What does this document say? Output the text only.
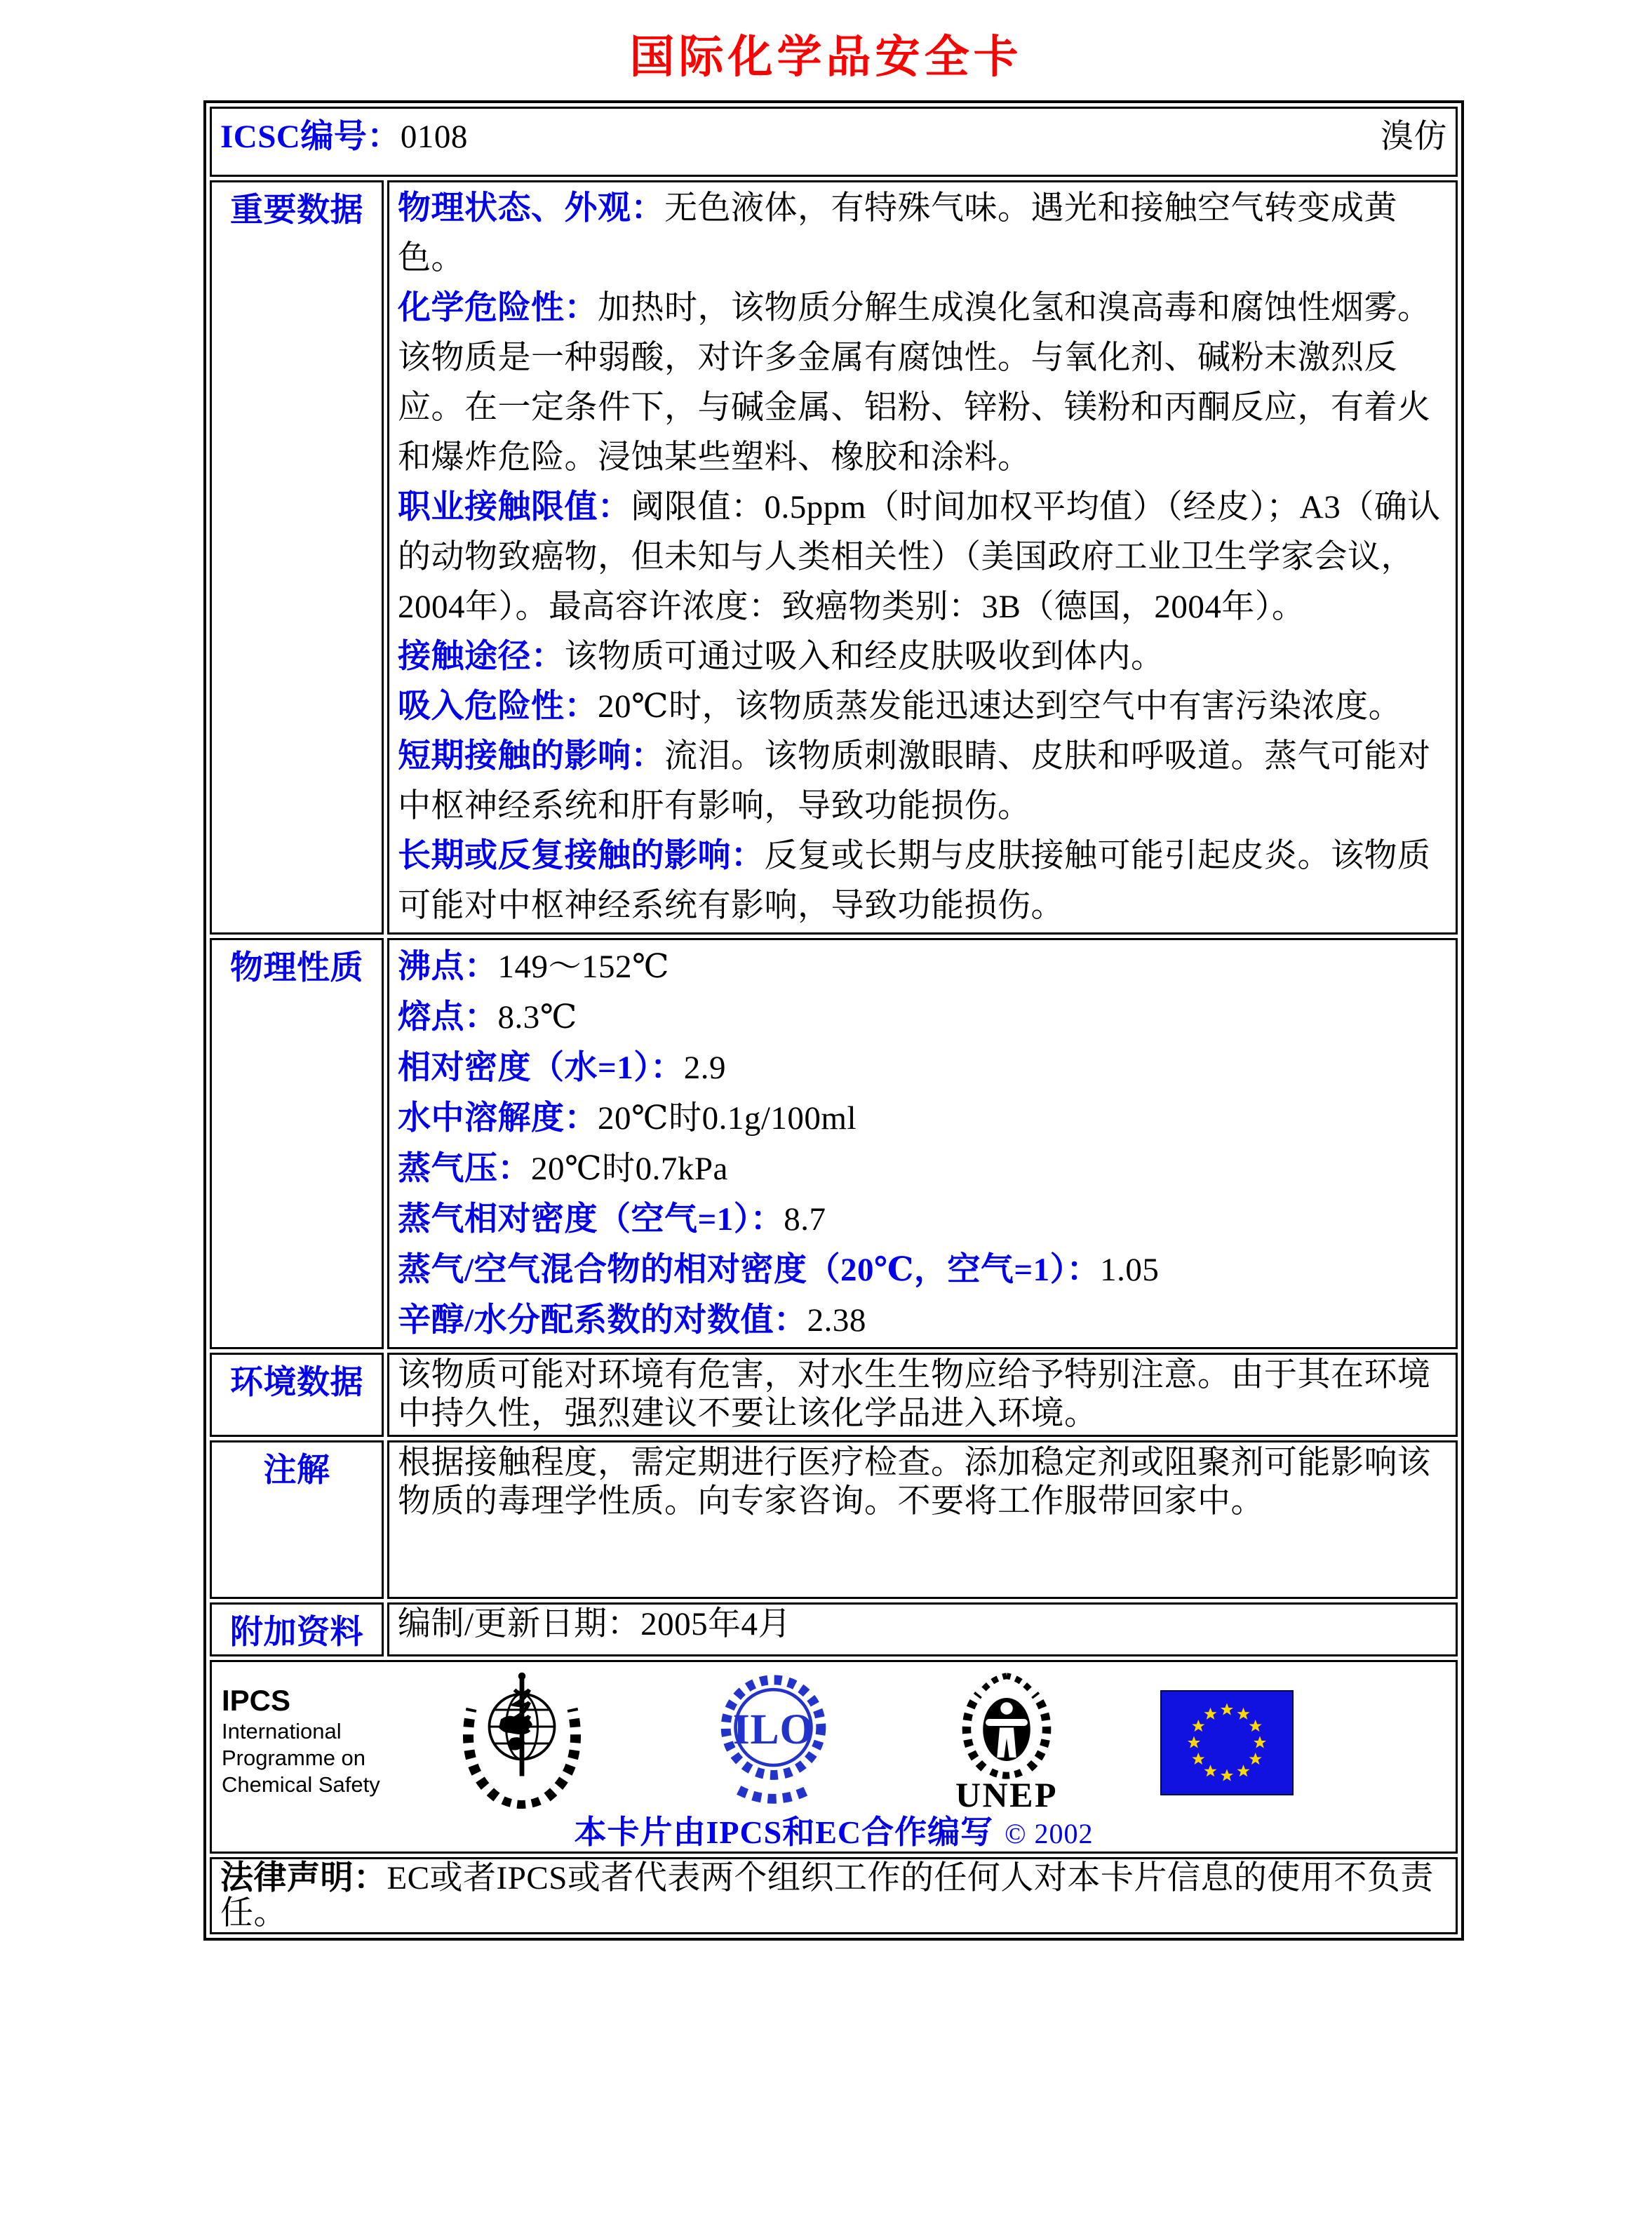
国际化学品安全卡
ICSC编号：0108 溴仿	

重要数据	物理状态、外观：无色液体，有特殊气味。遇光和接触空气转变成黄色。
化学危险性：加热时，该物质分解生成溴化氢和溴高毒和腐蚀性烟雾。该物质是一种弱酸，对许多金属有腐蚀性。与氧化剂、碱粉末激烈反应。在一定条件下，与碱金属、铝粉、锌粉、镁粉和丙酮反应，有着火和爆炸危险。浸蚀某些塑料、橡胶和涂料。
职业接触限值：阈限值：0.5ppm（时间加权平均值）（经皮）；A3（确认的动物致癌物，但未知与人类相关性）（美国政府工业卫生学家会议，2004年）。最高容许浓度：致癌物类别：3B（德国，2004年）。
接触途径：该物质可通过吸入和经皮肤吸收到体内。
吸入危险性：20℃时，该物质蒸发能迅速达到空气中有害污染浓度。
短期接触的影响：流泪。该物质刺激眼睛、皮肤和呼吸道。蒸气可能对中枢神经系统和肝有影响，导致功能损伤。
长期或反复接触的影响：反复或长期与皮肤接触可能引起皮炎。该物质可能对中枢神经系统有影响，导致功能损伤。

物理性质	沸点：149～152℃
熔点：8.3℃
相对密度（水=1）：2.9
水中溶解度：20℃时0.1g/100ml
蒸气压：20℃时0.7kPa
蒸气相对密度（空气=1）：8.7
蒸气/空气混合物的相对密度（20℃，空气=1）：1.05
辛醇/水分配系数的对数值：2.38

环境数据	该物质可能对环境有危害，对水生生物应给予特别注意。由于其在环境中持久性，强烈建议不要让该化学品进入环境。
注解	根据接触程度，需定期进行医疗检查。添加稳定剂或阻聚剂可能影响该物质的毒理学性质。向专家咨询。不要将工作服带回家中。
附加资料	编制/更新日期：2005年4月

IPCS
International
Programme on
Chemical Safety
ILO
UNEP
本卡片由IPCS和EC合作编写 © 2002

法律声明：EC或者IPCS或者代表两个组织工作的任何人对本卡片信息的使用不负责任。	
